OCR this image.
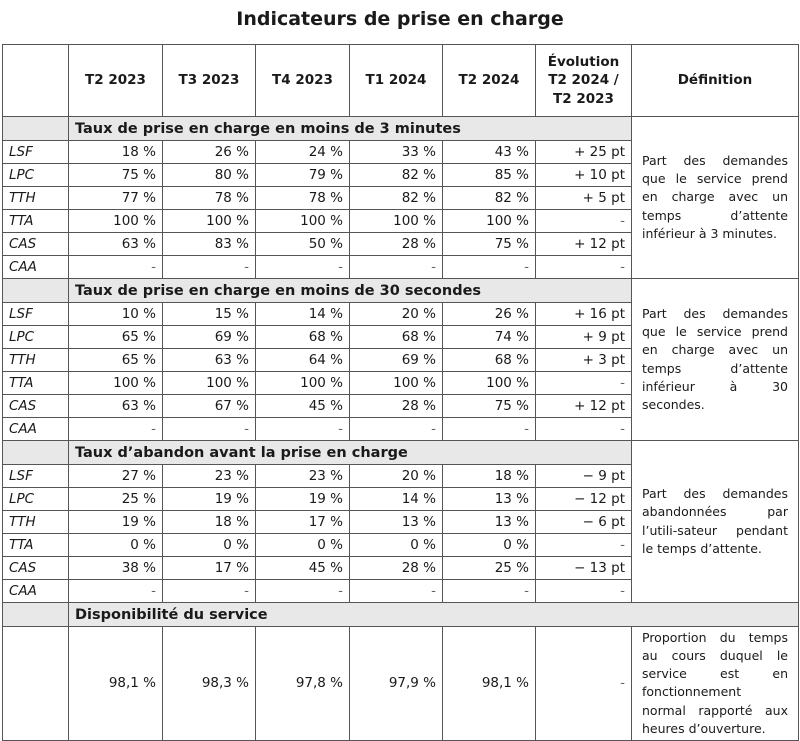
Indicateurs de prise en charge
	T2 2023	T3 2023	T4 2023	T1 2024	T2 2024	Évolution T2 2024 / T2 2023	Définition
	Taux de prise en charge en moins de 3 minutes						Part des demandes que le service prend en charge avec un temps d’attente inférieur à 3 minutes.
LSF	18 %	26 %	24 %	33 %	43 %	+ 25 pt	
LPC	75 %	80 %	79 %	82 %	85 %	+ 10 pt	
TTH	77 %	78 %	78 %	82 %	82 %	+ 5 pt	
TTA	100 %	100 %	100 %	100 %	100 %	-	
CAS	63 %	83 %	50 %	28 %	75 %	+ 12 pt	
CAA	-	-	-	-	-	-	
	Taux de prise en charge en moins de 30 secondes						Part des demandes que le service prend en charge avec un temps d’attente inférieur à 30 secondes.
LSF	10 %	15 %	14 %	20 %	26 %	+ 16 pt	
LPC	65 %	69 %	68 %	68 %	74 %	+ 9 pt	
TTH	65 %	63 %	64 %	69 %	68 %	+ 3 pt	
TTA	100 %	100 %	100 %	100 %	100 %	-	
CAS	63 %	67 %	45 %	28 %	75 %	+ 12 pt	
CAA	-	-	-	-	-	-	
	Taux d’abandon avant la prise en charge						Part des demandes abandonnées par l’utili-sateur pendant le temps d’attente.
LSF	27 %	23 %	23 %	20 %	18 %	− 9 pt	
LPC	25 %	19 %	19 %	14 %	13 %	− 12 pt	
TTH	19 %	18 %	17 %	13 %	13 %	− 6 pt	
TTA	0 %	0 %	0 %	0 %	0 %	-	
CAS	38 %	17 %	45 %	28 %	25 %	− 13 pt	
CAA	-	-	-	-	-	-	
	Disponibilité du service						
	98,1 %	98,3 %	97,8 %	97,9 %	98,1 %	-	Proportion du temps au cours duquel le service est en fonctionnement normal rapporté aux heures d’ouverture.
